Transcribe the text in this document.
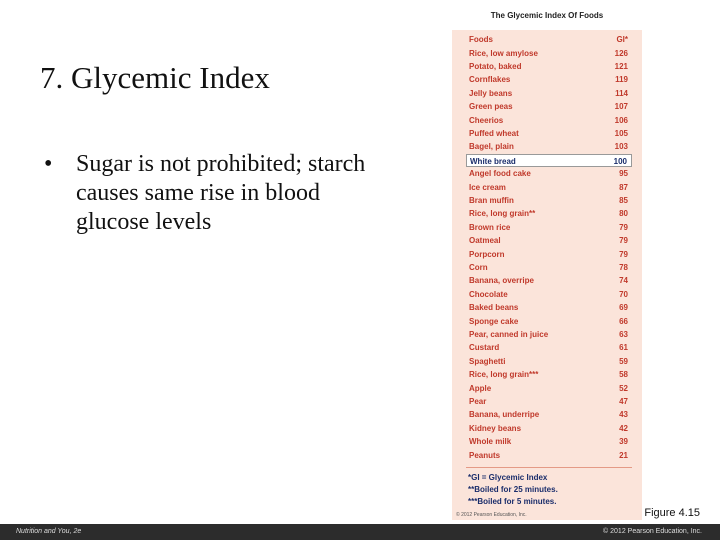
7. Glycemic Index
• Sugar is not prohibited; starch causes same rise in blood glucose levels
The Glycemic Index Of Foods
Foods	GI*
Rice, low amylose	126
Potato, baked	121
Cornflakes	119
Jelly beans	114
Green peas	107
Cheerios	106
Puffed wheat	105
Bagel, plain	103
White bread	100
Angel food cake	95
Ice cream	87
Bran muffin	85
Rice, long grain**	80
Brown rice	79
Oatmeal	79
Porpcorn	79
Corn	78
Banana, overripe	74
Chocolate	70
Baked beans	69
Sponge cake	66
Pear, canned in juice	63
Custard	61
Spaghetti	59
Rice, long grain***	58
Apple	52
Pear	47
Banana, underripe	43
Kidney beans	42
Whole milk	39
Peanuts	21
*GI = Glycemic Index
**Boiled for 25 minutes.
***Boiled for 5 minutes.
© 2012 Pearson Education, Inc.	Figure 4.15
Nutrition and You, 2e	© 2012 Pearson Education, Inc.
